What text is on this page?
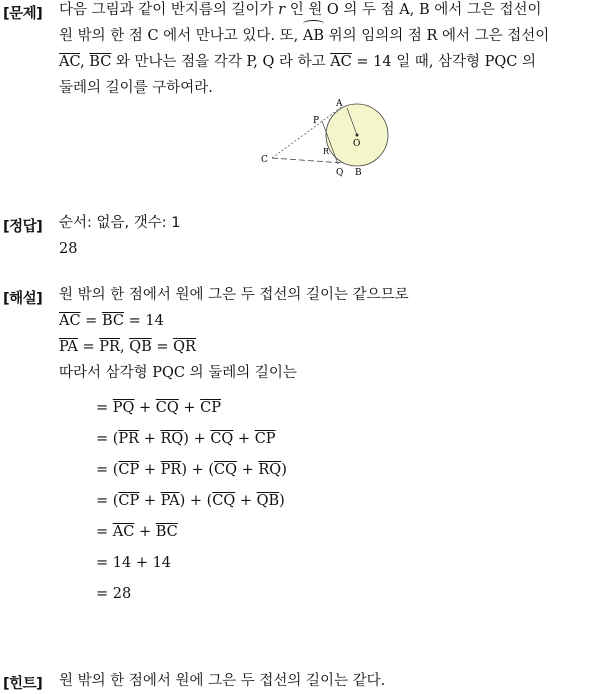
[문제] 다음 그림과 같이 반지름의 길이가 r 인 원 O 의 두 점 A, B 에서 그은 접선이
원 밖의 한 점 C 에서 만나고 있다. 또, AB 위의 임의의 점 R 에서 그은 접선이
$\overline{AC}$, $\overline{BC}$ 와 만나는 점을 각각 P, Q 라 하고 $\overline{AC} = 14$ 일 때, 삼각형 PQC 의
둘레의 길이를 구하여라.
A
B
C
O
P
Q
R
[정답] 순서: 없음, 갯수: 1
28
[해설] 원 밖의 한 점에서 원에 그은 두 접선의 길이는 같으므로
$\overline{AC} = \overline{BC} = 14$
$\overline{PA} = \overline{PR}$, $\overline{QB} = \overline{QR}$
따라서 삼각형 PQC 의 둘레의 길이는
= $\overline{PQ} + \overline{CQ} + \overline{CP}$
= $(\overline{PR} + \overline{RQ}) + \overline{CQ} + \overline{CP}$
= $(\overline{CP} + \overline{PR}) + (\overline{CQ} + \overline{RQ})$
= $(\overline{CP} + \overline{PA}) + (\overline{CQ} + \overline{QB})$
= $\overline{AC} + \overline{BC}$
= 14 + 14
= 28
[힌트] 원 밖의 한 점에서 원에 그은 두 접선의 길이는 같다.
